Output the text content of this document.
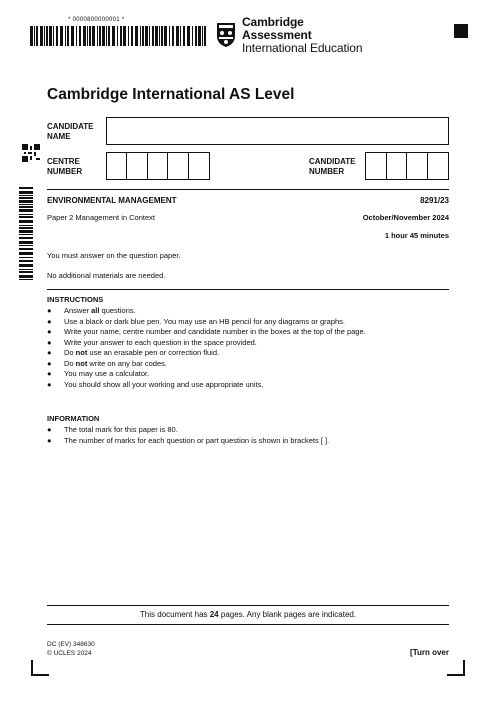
* 0000800000001 *	Cambridge Assessment
International Education
Cambridge International AS Level
CANDIDATE
NAME
CENTRE
NUMBER
CANDIDATE
NUMBER
ENVIRONMENTAL MANAGEMENT	8291/23
Paper 2 Management in Context	October/November 2024
1 hour 45 minutes
You must answer on the question paper.
No additional materials are needed.
INSTRUCTIONS
● Answer all questions.
● Use a black or dark blue pen. You may use an HB pencil for any diagrams or graphs.
● Write your name, centre number and candidate number in the boxes at the top of the page.
● Write your answer to each question in the space provided.
● Do not use an erasable pen or correction fluid.
● Do not write on any bar codes.
● You may use a calculator.
● You should show all your working and use appropriate units.
INFORMATION
● The total mark for this paper is 80.
● The number of marks for each question or part question is shown in brackets [ ].
This document has 24 pages. Any blank pages are indicated.
DC (EV) 348630
© UCLES 2024	[Turn over
